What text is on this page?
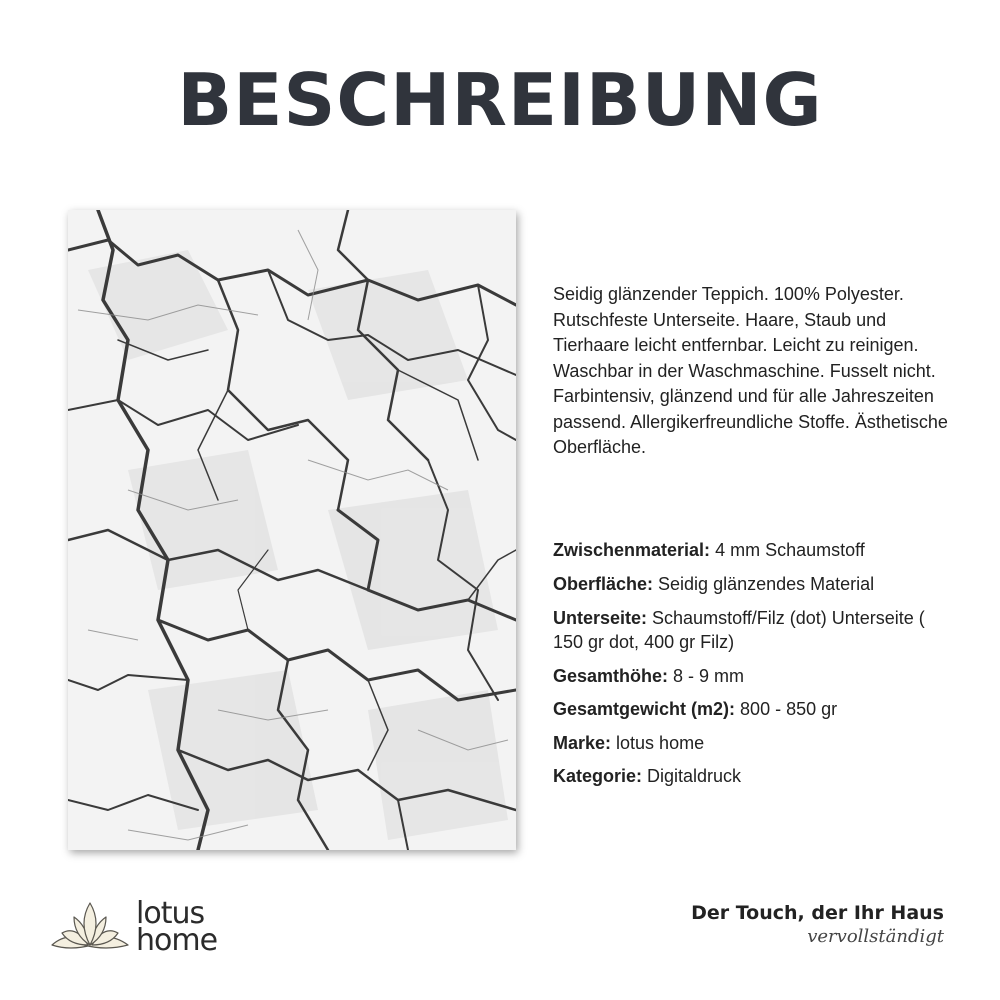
BESCHREIBUNG
Seidig glänzender Teppich. 100% Polyester. Rutschfeste Unterseite. Haare, Staub und Tierhaare leicht entfernbar. Leicht zu reinigen. Waschbar in der Waschmaschine. Fusselt nicht. Farbintensiv, glänzend und für alle Jahreszeiten passend. Allergikerfreundliche Stoffe. Ästhetische Oberfläche.
Zwischenmaterial: 4 mm Schaumstoff
Oberfläche: Seidig glänzendes Material
Unterseite: Schaumstoff/Filz (dot) Unterseite ( 150 gr dot, 400 gr Filz)
Gesamthöhe: 8 - 9 mm
Gesamtgewicht (m2): 800 - 850 gr
Marke: lotus home
Kategorie: Digitaldruck
lotus
home
Der Touch, der Ihr Haus
vervollständigt
